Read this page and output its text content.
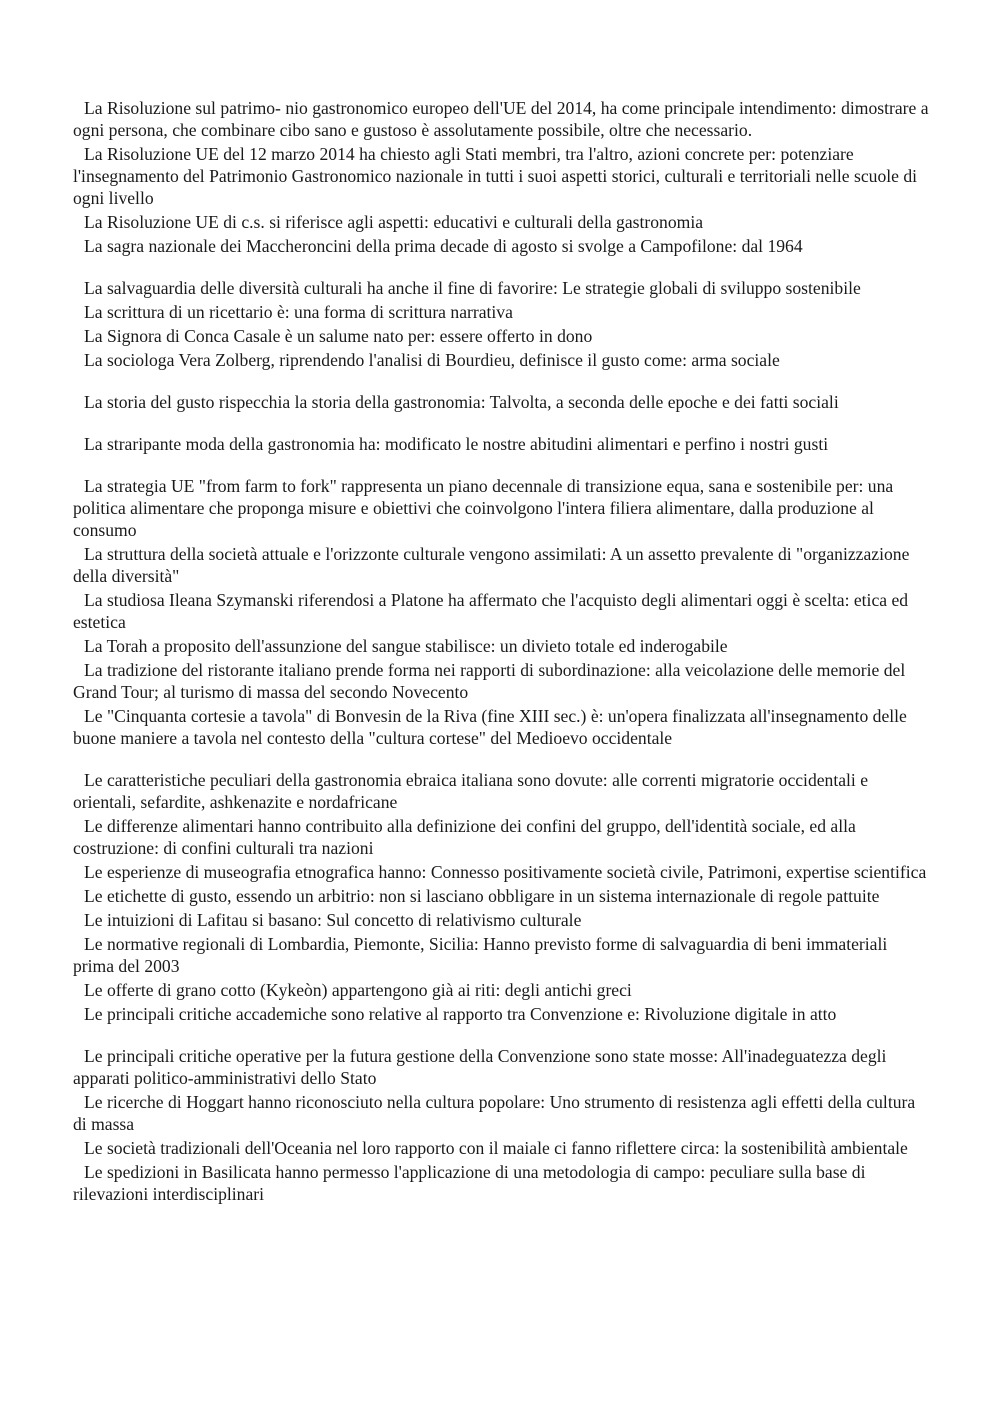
La Risoluzione sul patrimo- nio gastronomico europeo dell'UE del 2014, ha come principale intendimento: dimostrare a ogni persona, che combinare cibo sano e gustoso è assolutamente possibile, oltre che necessario.

La Risoluzione UE del 12 marzo 2014 ha chiesto agli Stati membri, tra l'altro, azioni concrete per: potenziare l'insegnamento del Patrimonio Gastronomico nazionale in tutti i suoi aspetti storici, culturali e territoriali nelle scuole di ogni livello

La Risoluzione UE di c.s. si riferisce agli aspetti: educativi e culturali della gastronomia

La sagra nazionale dei Maccheroncini della prima decade di agosto si svolge a Campofilone: dal 1964

La salvaguardia delle diversità culturali ha anche il fine di favorire: Le strategie globali di sviluppo sostenibile

La scrittura di un ricettario è: una forma di scrittura narrativa

La Signora di Conca Casale è un salume nato per: essere offerto in dono

La sociologa Vera Zolberg, riprendendo l'analisi di Bourdieu, definisce il gusto come: arma sociale

La storia del gusto rispecchia la storia della gastronomia: Talvolta, a seconda delle epoche e dei fatti sociali

La straripante moda della gastronomia ha: modificato le nostre abitudini alimentari e perfino i nostri gusti

La strategia UE "from farm to fork" rappresenta un piano decennale di transizione equa, sana e sostenibile per: una politica alimentare che proponga misure e obiettivi che coinvolgono l'intera filiera alimentare, dalla produzione al consumo

La struttura della società attuale e l'orizzonte culturale vengono assimilati: A un assetto prevalente di "organizzazione della diversità"

La studiosa Ileana Szymanski riferendosi a Platone ha affermato che l'acquisto degli alimentari oggi è scelta: etica ed estetica

La Torah a proposito dell'assunzione del sangue stabilisce: un divieto totale ed inderogabile

La tradizione del ristorante italiano prende forma nei rapporti di subordinazione: alla veicolazione delle memorie del Grand Tour; al turismo di massa del secondo Novecento

Le "Cinquanta cortesie a tavola" di Bonvesin de la Riva (fine XIII sec.) è: un'opera finalizzata all'insegnamento delle buone maniere a tavola nel contesto della "cultura cortese" del Medioevo occidentale

Le caratteristiche peculiari della gastronomia ebraica italiana sono dovute: alle correnti migratorie occidentali e orientali, sefardite, ashkenazite e nordafricane

Le differenze alimentari hanno contribuito alla definizione dei confini del gruppo, dell'identità sociale, ed alla costruzione: di confini culturali tra nazioni

Le esperienze di museografia etnografica hanno: Connesso positivamente società civile, Patrimoni, expertise scientifica

Le etichette di gusto, essendo un arbitrio: non si lasciano obbligare in un sistema internazionale di regole pattuite

Le intuizioni di Lafitau si basano: Sul concetto di relativismo culturale

Le normative regionali di Lombardia, Piemonte, Sicilia: Hanno previsto forme di salvaguardia di beni immateriali prima del 2003

Le offerte di grano cotto (Kykeòn) appartengono già ai riti: degli antichi greci

Le principali critiche accademiche sono relative al rapporto tra Convenzione e: Rivoluzione digitale in atto

Le principali critiche operative per la futura gestione della Convenzione sono state mosse: All'inadeguatezza degli apparati politico-amministrativi dello Stato

Le ricerche di Hoggart hanno riconosciuto nella cultura popolare: Uno strumento di resistenza agli effetti della cultura di massa

Le società tradizionali dell'Oceania nel loro rapporto con il maiale ci fanno riflettere circa: la sostenibilità ambientale

Le spedizioni in Basilicata hanno permesso l'applicazione di una metodologia di campo: peculiare sulla base di rilevazioni interdisciplinari
